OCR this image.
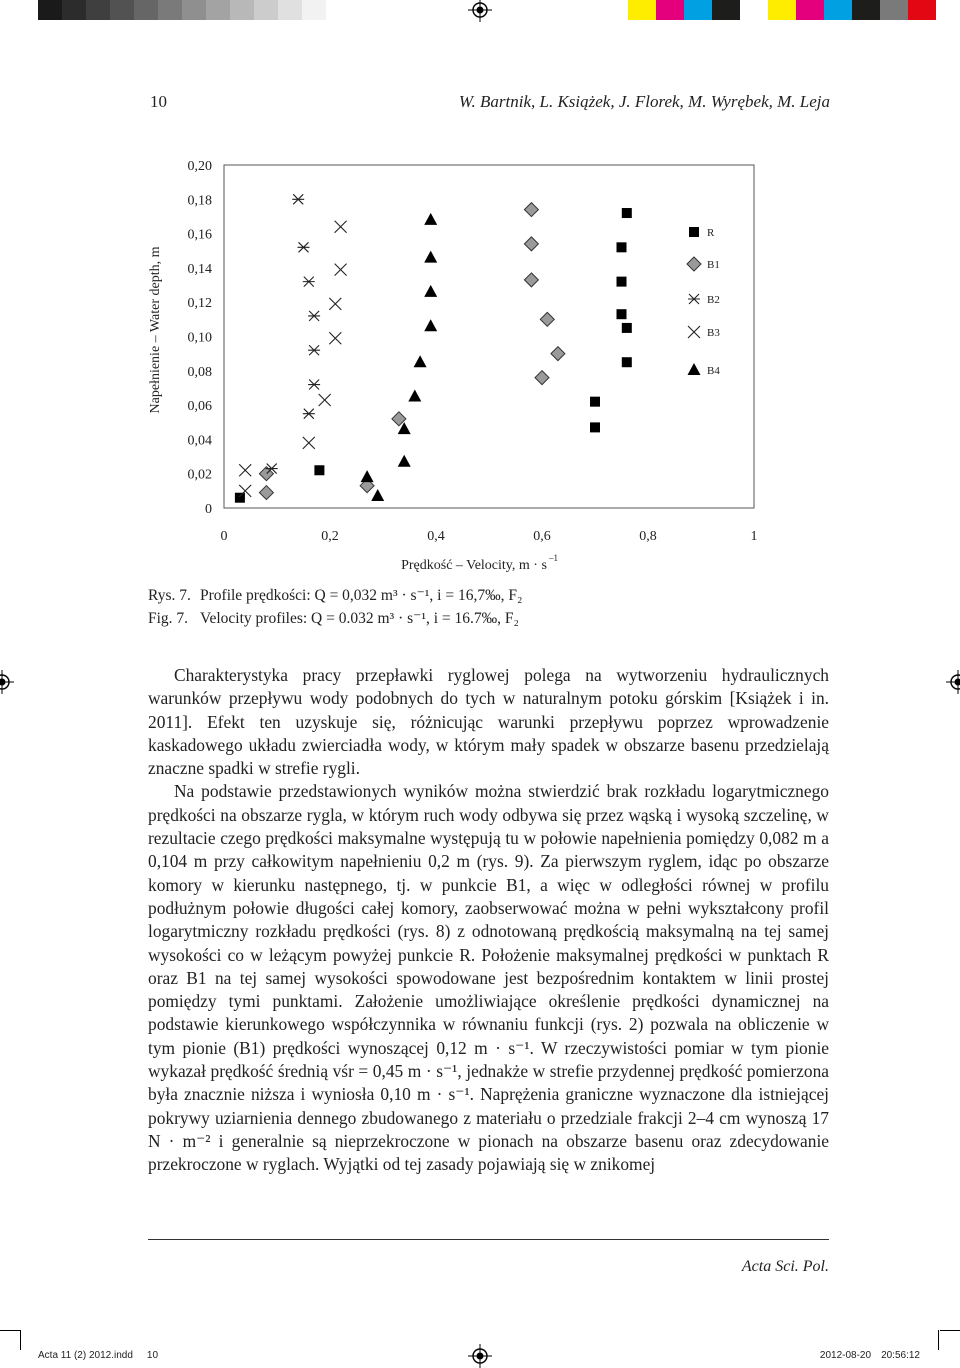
10	W. Bartnik, L. Książek, J. Florek, M. Wyrębek, M. Leja
0
0,02
0,04
0,06
0,08
0,10
0,12
0,14
0,16
0,18
0,20
0	0,2	0,4	0,6	0,8	1
Prędkość – Velocity, m · s –1
Napełnienie – Water depth, m
R
B1
B2
B3
B4
Rys. 7. Profile prędkości: Q = 0,032 m³ · s⁻¹, i = 16,7‰, F₂
Fig. 7. Velocity profiles: Q = 0.032 m³ · s⁻¹, i = 16.7‰, F₂

Charakterystyka pracy przepławki ryglowej polega na wytworzeniu hydraulicznych warunków przepływu wody podobnych do tych w naturalnym potoku górskim [Książek i in. 2011]. Efekt ten uzyskuje się, różnicując warunki przepływu poprzez wprowadzenie kaskadowego układu zwierciadła wody, w którym mały spadek w obszarze basenu przedzielają znaczne spadki w strefie rygli.

Na podstawie przedstawionych wyników można stwierdzić brak rozkładu logarytmicznego prędkości na obszarze rygla, w którym ruch wody odbywa się przez wąską i wysoką szczelinę, w rezultacie czego prędkości maksymalne występują tu w połowie napełnienia pomiędzy 0,082 m a 0,104 m przy całkowitym napełnieniu 0,2 m (rys. 9). Za pierwszym ryglem, idąc po obszarze komory w kierunku następnego, tj. w punkcie B1, a więc w odległości równej w profilu podłużnym połowie długości całej komory, zaobserwować można w pełni wykształcony profil logarytmiczny rozkładu prędkości (rys. 8) z odnotowaną prędkością maksymalną na tej samej wysokości co w leżącym powyżej punkcie R. Położenie maksymalnej prędkości w punktach R oraz B1 na tej samej wysokości spowodowane jest bezpośrednim kontaktem w linii prostej pomiędzy tymi punktami. Założenie umożliwiające określenie prędkości dynamicznej na podstawie kierunkowego współczynnika w równaniu funkcji (rys. 2) pozwala na obliczenie w tym pionie (B1) prędkości wynoszącej 0,12 m · s⁻¹. W rzeczywistości pomiar w tym pionie wykazał prędkość średnią vśr = 0,45 m · s⁻¹, jednakże w strefie przydennej prędkość pomierzona była znacznie niższa i wyniosła 0,10 m · s⁻¹. Naprężenia graniczne wyznaczone dla istniejącej pokrywy uziarnienia dennego zbudowanego z materiału o przedziale frakcji 2–4 cm wynoszą 17 N · m⁻² i generalnie są nieprzekroczone w pionach na obszarze basenu oraz zdecydowanie przekroczone w ryglach. Wyjątki od tej zasady pojawiają się w znikomej

Acta Sci. Pol.
Acta 11 (2) 2012.indd 10	2012-08-20 20:56:12
